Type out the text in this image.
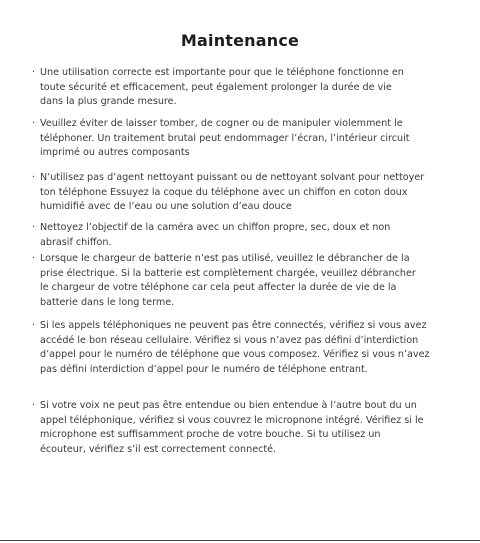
Maintenance
· Une utilisation correcte est importante pour que le téléphone fonctionne en
toute sécurité et efficacement, peut également prolonger la durée de vie
dans la plus grande mesure.
· Veuillez éviter de laisser tomber, de cogner ou de manipuler violemment le
téléphoner. Un traitement brutal peut endommager l’écran, l’intérieur circuit
imprimé ou autres composants
· N’utilisez pas d’agent nettoyant puissant ou de nettoyant solvant pour nettoyer
ton téléphone Essuyez la coque du téléphone avec un chiffon en coton doux
humidifié avec de l’eau ou une solution d’eau douce
· Nettoyez l’objectif de la caméra avec un chiffon propre, sec, doux et non
abrasif chiffon.
· Lorsque le chargeur de batterie n’est pas utilisé, veuillez le débrancher de la
prise électrique. Si la batterie est complètement chargée, veuillez débrancher
le chargeur de votre téléphone car cela peut affecter la durée de vie de la
batterie dans le long terme.
· Si les appels téléphoniques ne peuvent pas être connectés, vérifiez si vous avez
accédé le bon réseau cellulaire. Vérifiez si vous n’avez pas défini d’interdiction
d’appel pour le numéro de téléphone que vous composez. Vérifiez si vous n’avez
pas défini interdiction d’appel pour le numéro de téléphone entrant.
· Si votre voix ne peut pas être entendue ou bien entendue à l’autre bout du un
appel téléphonique, vérifiez si vous couvrez le micropnone intégré. Vérifiez si le
microphone est suffisamment proche de votre bouche. Si tu utilisez un
écouteur, vérifiez s’il est correctement connecté.
